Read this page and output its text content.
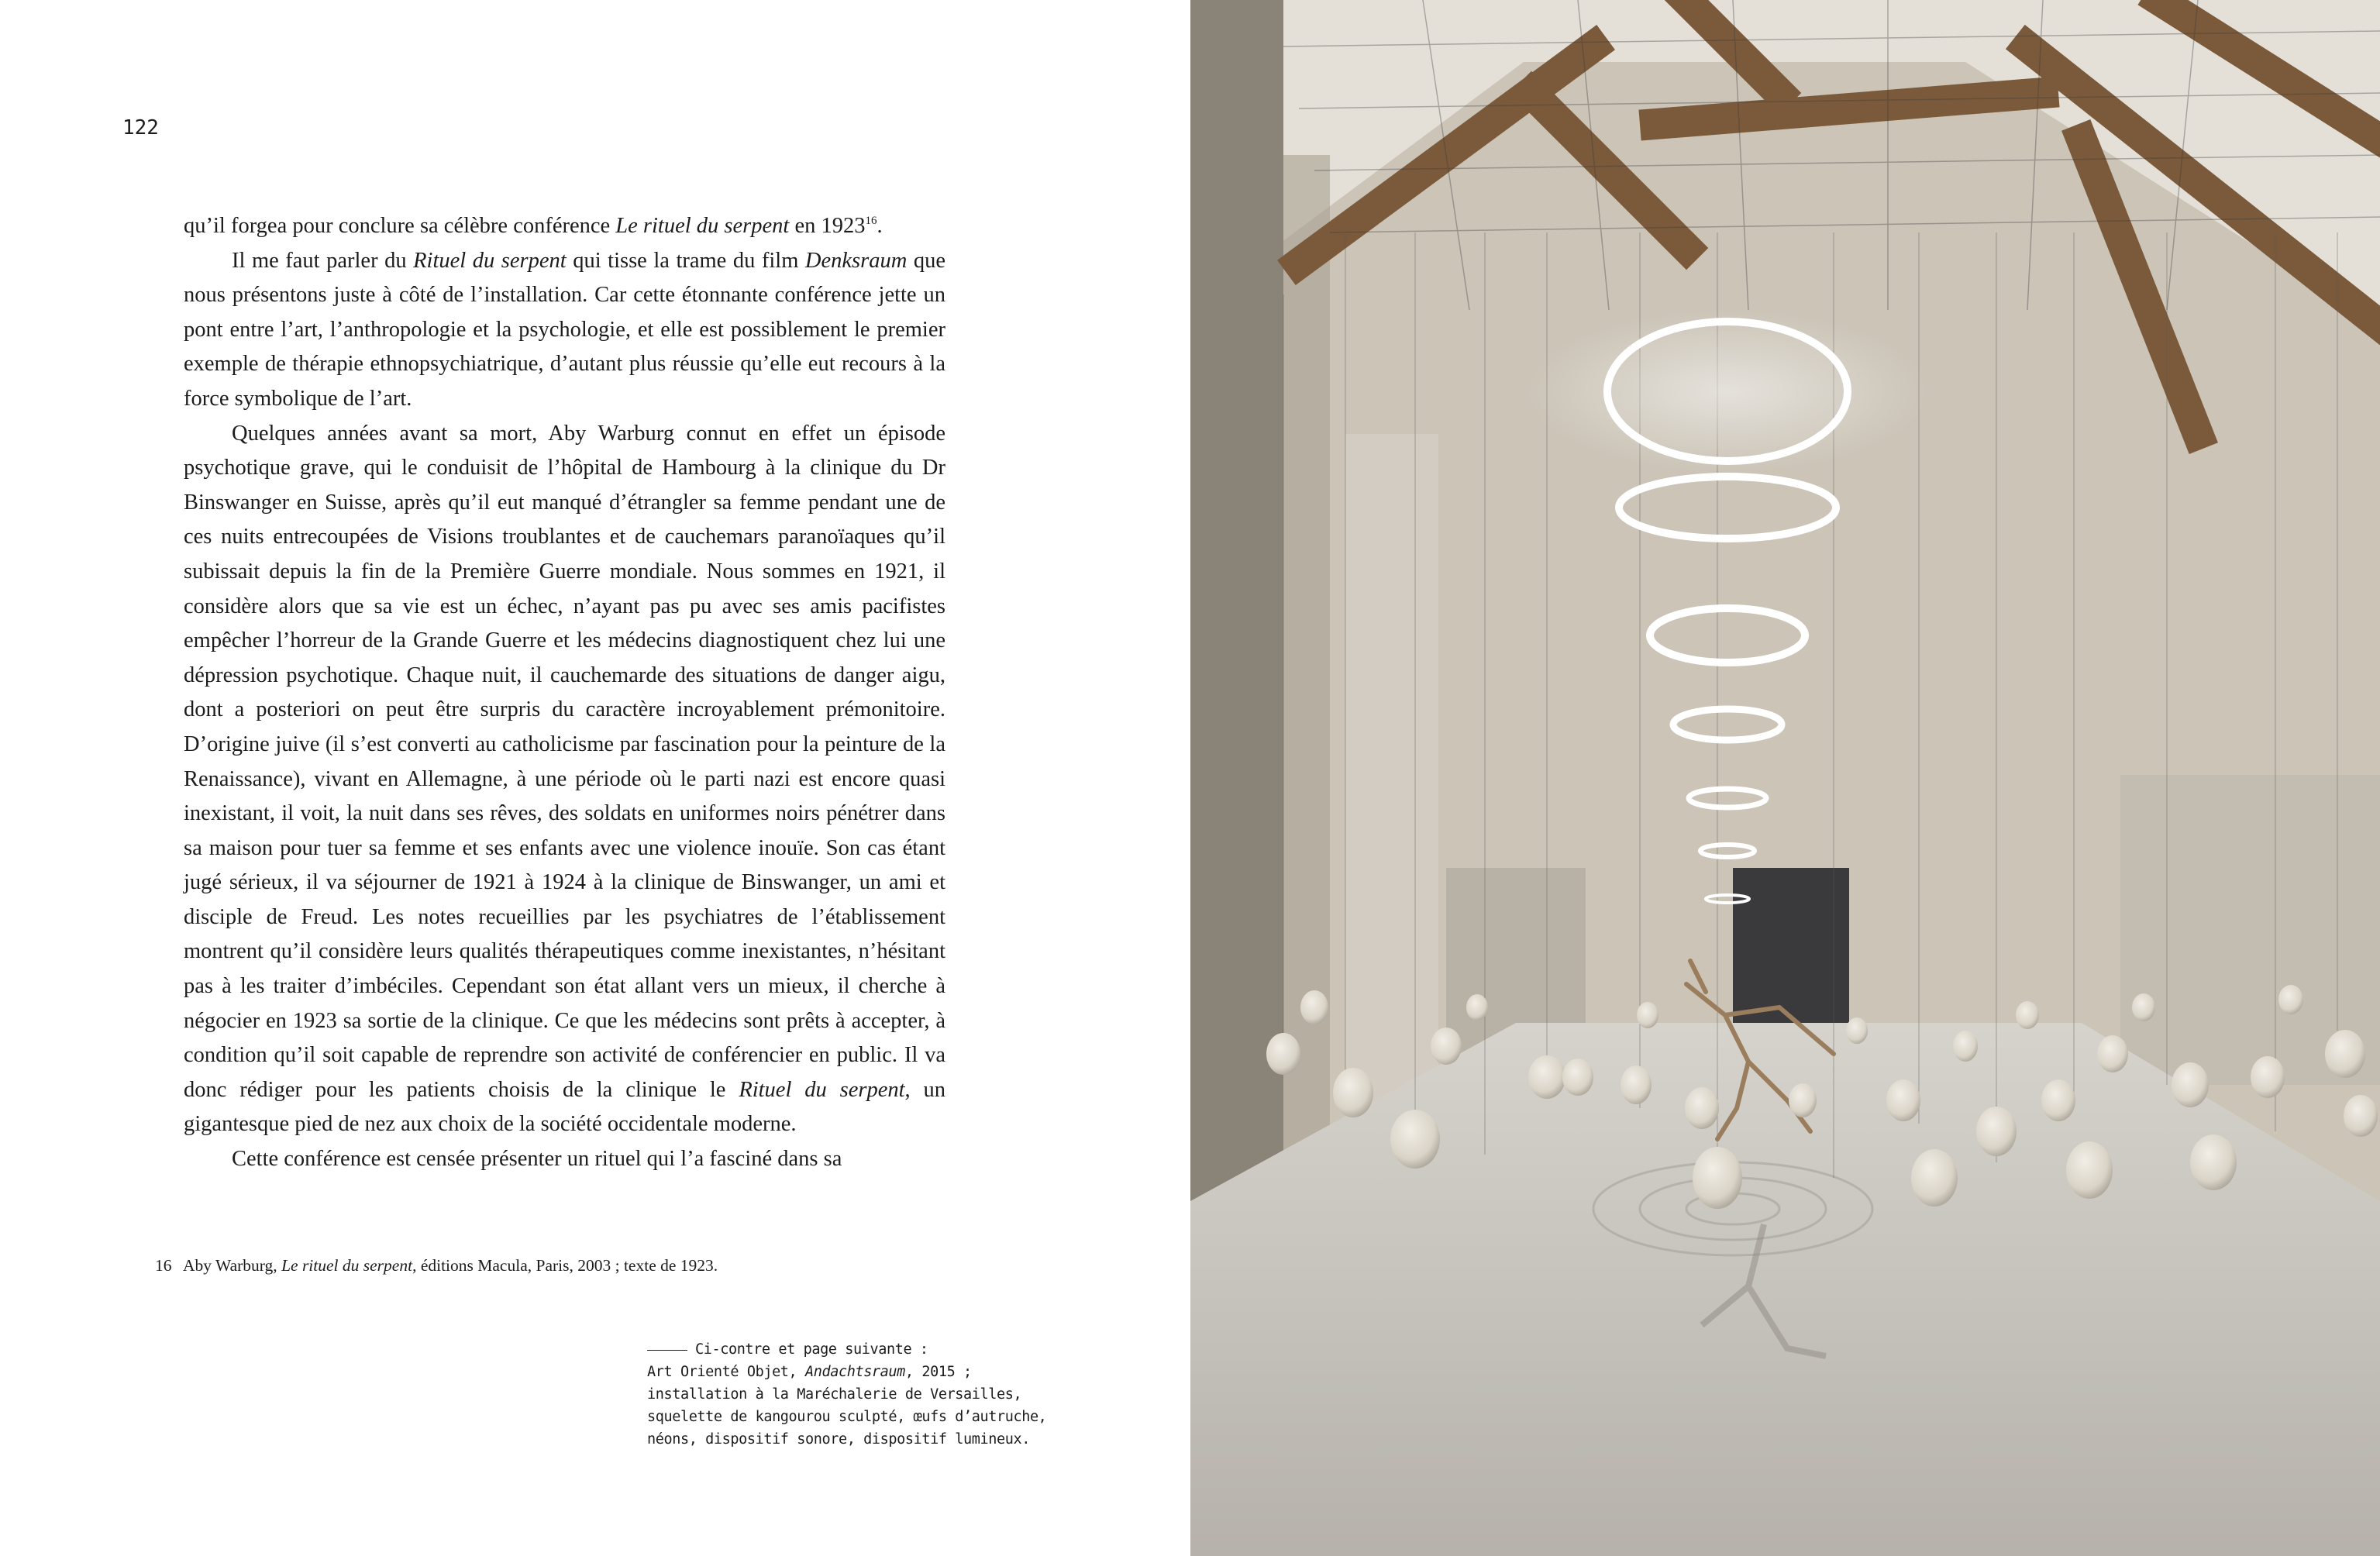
122

qu’il forgea pour conclure sa célèbre conférence Le rituel du serpent en 1923$^{16}$.

Il me faut parler du Rituel du serpent qui tisse la trame du film Denksraum que nous présentons juste à côté de l’installation. Car cette étonnante conférence jette un pont entre l’art, l’anthropologie et la psychologie, et elle est possiblement le premier exemple de thérapie ethnopsychiatrique, d’autant plus réussie qu’elle eut recours à la force symbolique de l’art.

Quelques années avant sa mort, Aby Warburg connut en effet un épisode psychotique grave, qui le conduisit de l’hôpital de Hambourg à la clinique du Dr Binswanger en Suisse, après qu’il eut manqué d’étrangler sa femme pendant une de ces nuits entrecoupées de Visions troublantes et de cauchemars paranoïaques qu’il subissait depuis la fin de la Première Guerre mondiale. Nous sommes en 1921, il considère alors que sa vie est un échec, n’ayant pas pu avec ses amis pacifistes empêcher l’horreur de la Grande Guerre et les médecins diagnostiquent chez lui une dépression psychotique. Chaque nuit, il cauchemarde des situations de danger aigu, dont a posteriori on peut être surpris du caractère incroyablement prémonitoire. D’origine juive (il s’est converti au catholicisme par fascination pour la peinture de la Renaissance), vivant en Allemagne, à une période où le parti nazi est encore quasi inexistant, il voit, la nuit dans ses rêves, des soldats en uniformes noirs pénétrer dans sa maison pour tuer sa femme et ses enfants avec une violence inouïe. Son cas étant jugé sérieux, il va séjourner de 1921 à 1924 à la clinique de Binswanger, un ami et disciple de Freud. Les notes recueillies par les psychiatres de l’établissement montrent qu’il considère leurs qualités thérapeutiques comme inexistantes, n’hésitant pas à les traiter d’imbéciles. Cependant son état allant vers un mieux, il cherche à négocier en 1923 sa sortie de la clinique. Ce que les médecins sont prêts à accepter, à condition qu’il soit capable de reprendre son activité de conférencier en public. Il va donc rédiger pour les patients choisis de la clinique le Rituel du serpent, un gigantesque pied de nez aux choix de la société occidentale moderne.

Cette conférence est censée présenter un rituel qui l’a fasciné dans sa

16 Aby Warburg, Le rituel du serpent, éditions Macula, Paris, 2003 ; texte de 1923.
Ci-contre et page suivante :
Art Orienté Objet, Andachtsraum, 2015 ;
installation à la Maréchalerie de Versailles,
squelette de kangourou sculpté, œufs d’autruche,
néons, dispositif sonore, dispositif lumineux.
